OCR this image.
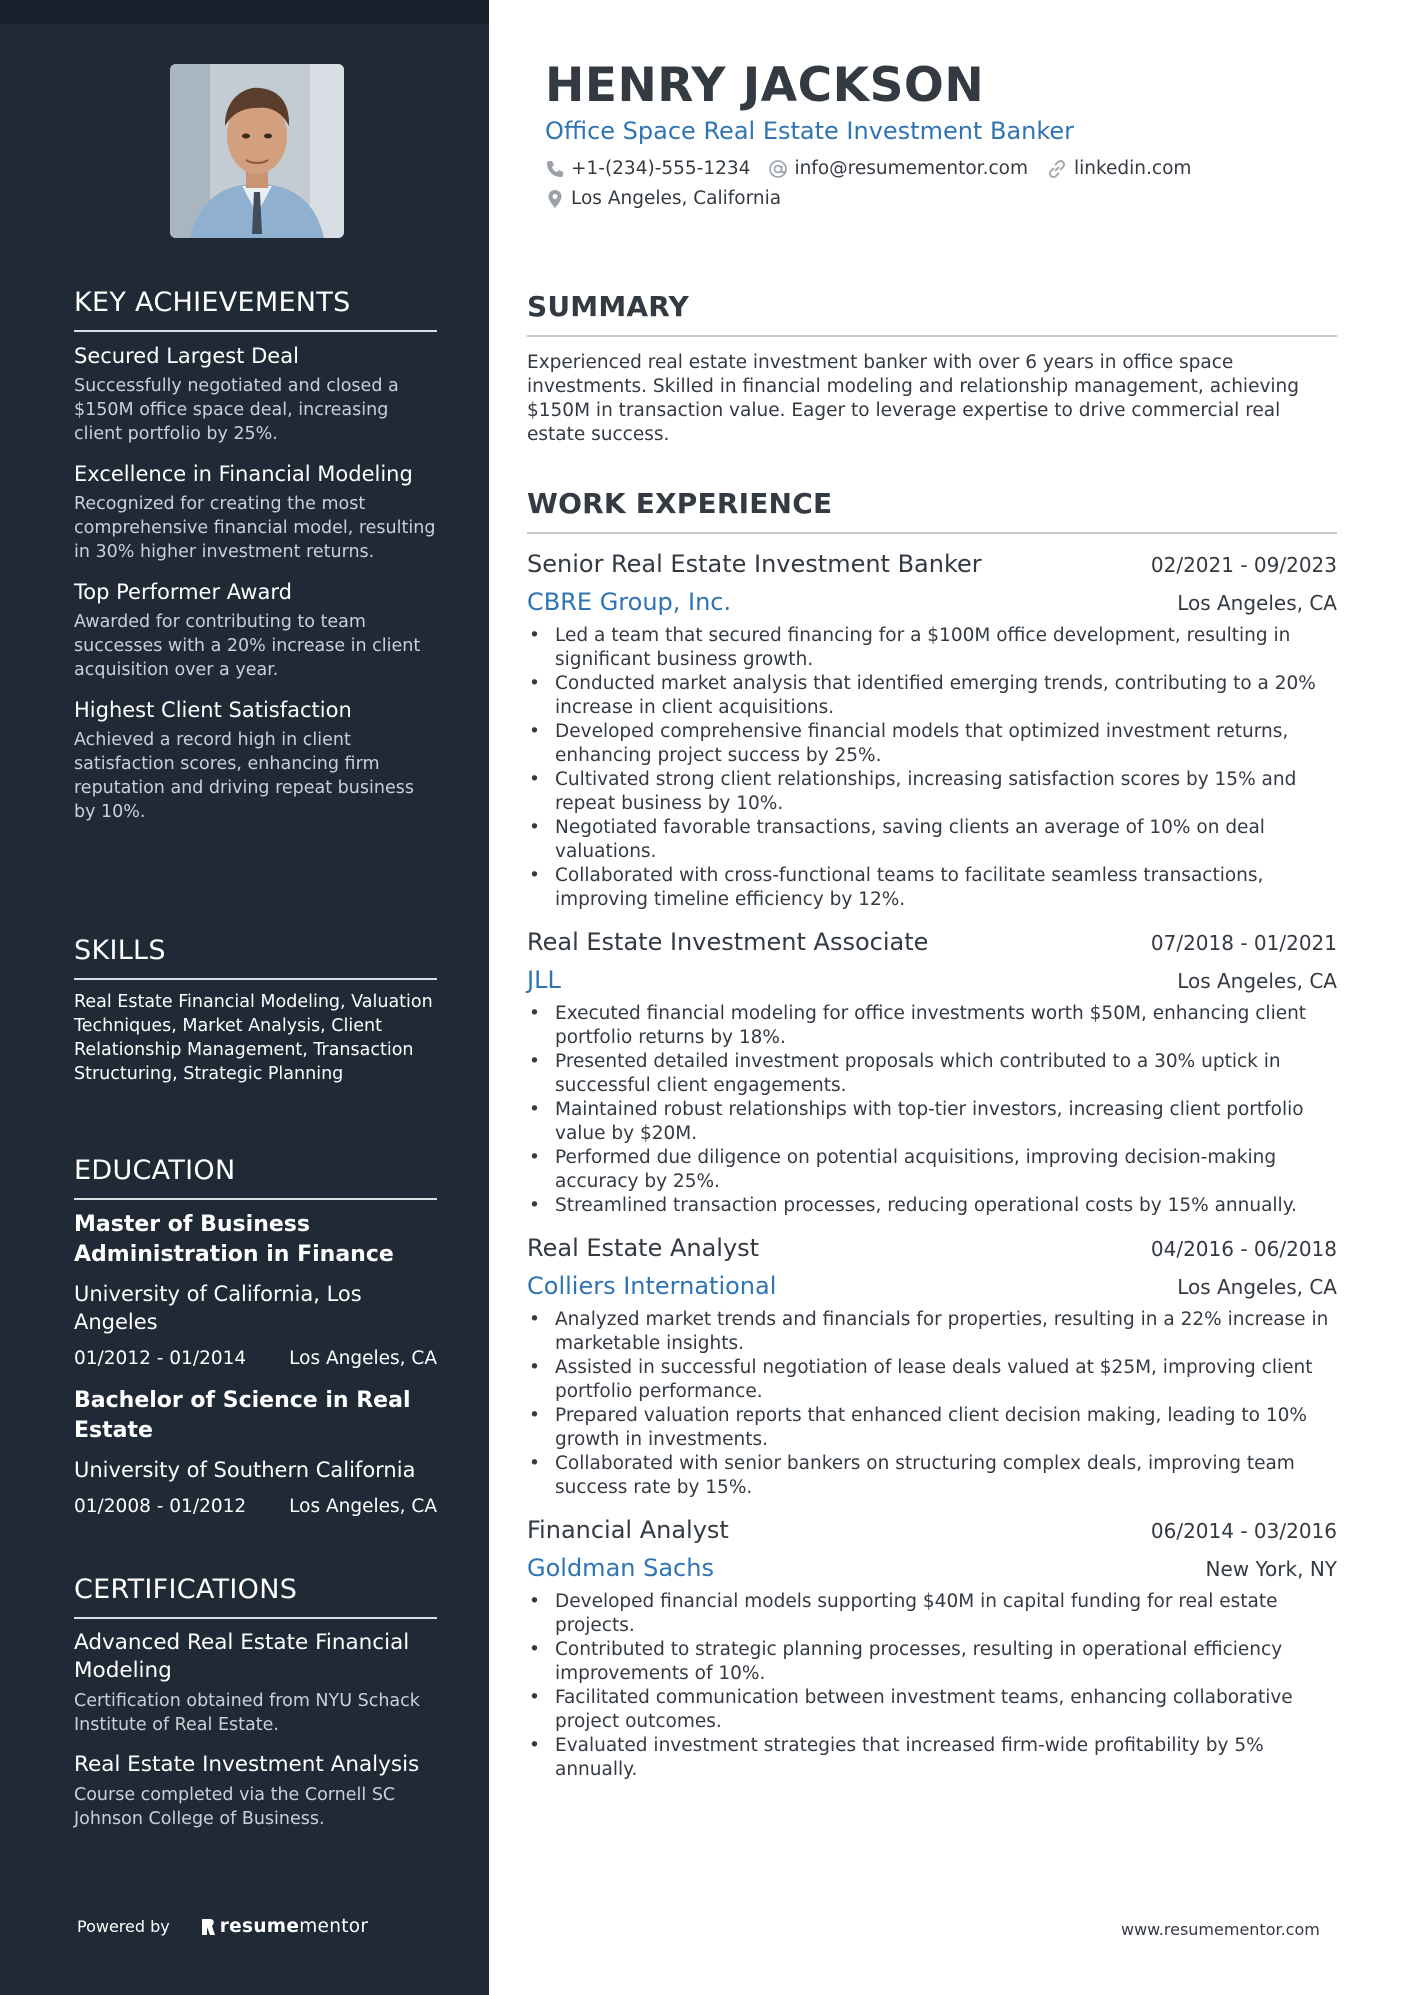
KEY ACHIEVEMENTS
Secured Largest Deal
Successfully negotiated and closed a $150M office space deal, increasing client portfolio by 25%.
Excellence in Financial Modeling
Recognized for creating the most comprehensive financial model, resulting in 30% higher investment returns.
Top Performer Award
Awarded for contributing to team successes with a 20% increase in client acquisition over a year.
Highest Client Satisfaction
Achieved a record high in client satisfaction scores, enhancing firm reputation and driving repeat business by 10%.
SKILLS
Real Estate Financial Modeling, Valuation Techniques, Market Analysis, Client Relationship Management, Transaction Structuring, Strategic Planning
EDUCATION
Master of Business Administration in Finance
University of California, Los Angeles
01/2012 - 01/2014 Los Angeles, CA
Bachelor of Science in Real Estate
University of Southern California
01/2008 - 01/2012 Los Angeles, CA
CERTIFICATIONS
Advanced Real Estate Financial Modeling
Certification obtained from NYU Schack Institute of Real Estate.
Real Estate Investment Analysis
Course completed via the Cornell SC Johnson College of Business.
Powered by	resume mentor
HENRY JACKSON
Office Space Real Estate Investment Banker
+1-(234)-555-1234 info@resumementor.com linkedin.com
Los Angeles, California
SUMMARY

Experienced real estate investment banker with over 6 years in office space investments. Skilled in financial modeling and relationship management, achieving $150M in transaction value. Eager to leverage expertise to drive commercial real estate success.

WORK EXPERIENCE
Senior Real Estate Investment Banker	02/2021 - 09/2023
CBRE Group, Inc.	Los Angeles, CA
• Led a team that secured financing for a $100M office development, resulting in significant business growth.
• Conducted market analysis that identified emerging trends, contributing to a 20% increase in client acquisitions.
• Developed comprehensive financial models that optimized investment returns, enhancing project success by 25%.
• Cultivated strong client relationships, increasing satisfaction scores by 15% and repeat business by 10%.
• Negotiated favorable transactions, saving clients an average of 10% on deal valuations.
• Collaborated with cross-functional teams to facilitate seamless transactions, improving timeline efficiency by 12%.
Real Estate Investment Associate	07/2018 - 01/2021
JLL	Los Angeles, CA
• Executed financial modeling for office investments worth $50M, enhancing client portfolio returns by 18%.
• Presented detailed investment proposals which contributed to a 30% uptick in successful client engagements.
• Maintained robust relationships with top-tier investors, increasing client portfolio value by $20M.
• Performed due diligence on potential acquisitions, improving decision-making accuracy by 25%.
• Streamlined transaction processes, reducing operational costs by 15% annually.
Real Estate Analyst	04/2016 - 06/2018
Colliers International	Los Angeles, CA
• Analyzed market trends and financials for properties, resulting in a 22% increase in marketable insights.
• Assisted in successful negotiation of lease deals valued at $25M, improving client portfolio performance.
• Prepared valuation reports that enhanced client decision making, leading to 10% growth in investments.
• Collaborated with senior bankers on structuring complex deals, improving team success rate by 15%.
Financial Analyst	06/2014 - 03/2016
Goldman Sachs	New York, NY
• Developed financial models supporting $40M in capital funding for real estate projects.
• Contributed to strategic planning processes, resulting in operational efficiency improvements of 10%.
• Facilitated communication between investment teams, enhancing collaborative project outcomes.
• Evaluated investment strategies that increased firm-wide profitability by 5% annually.
www.resumementor.com
